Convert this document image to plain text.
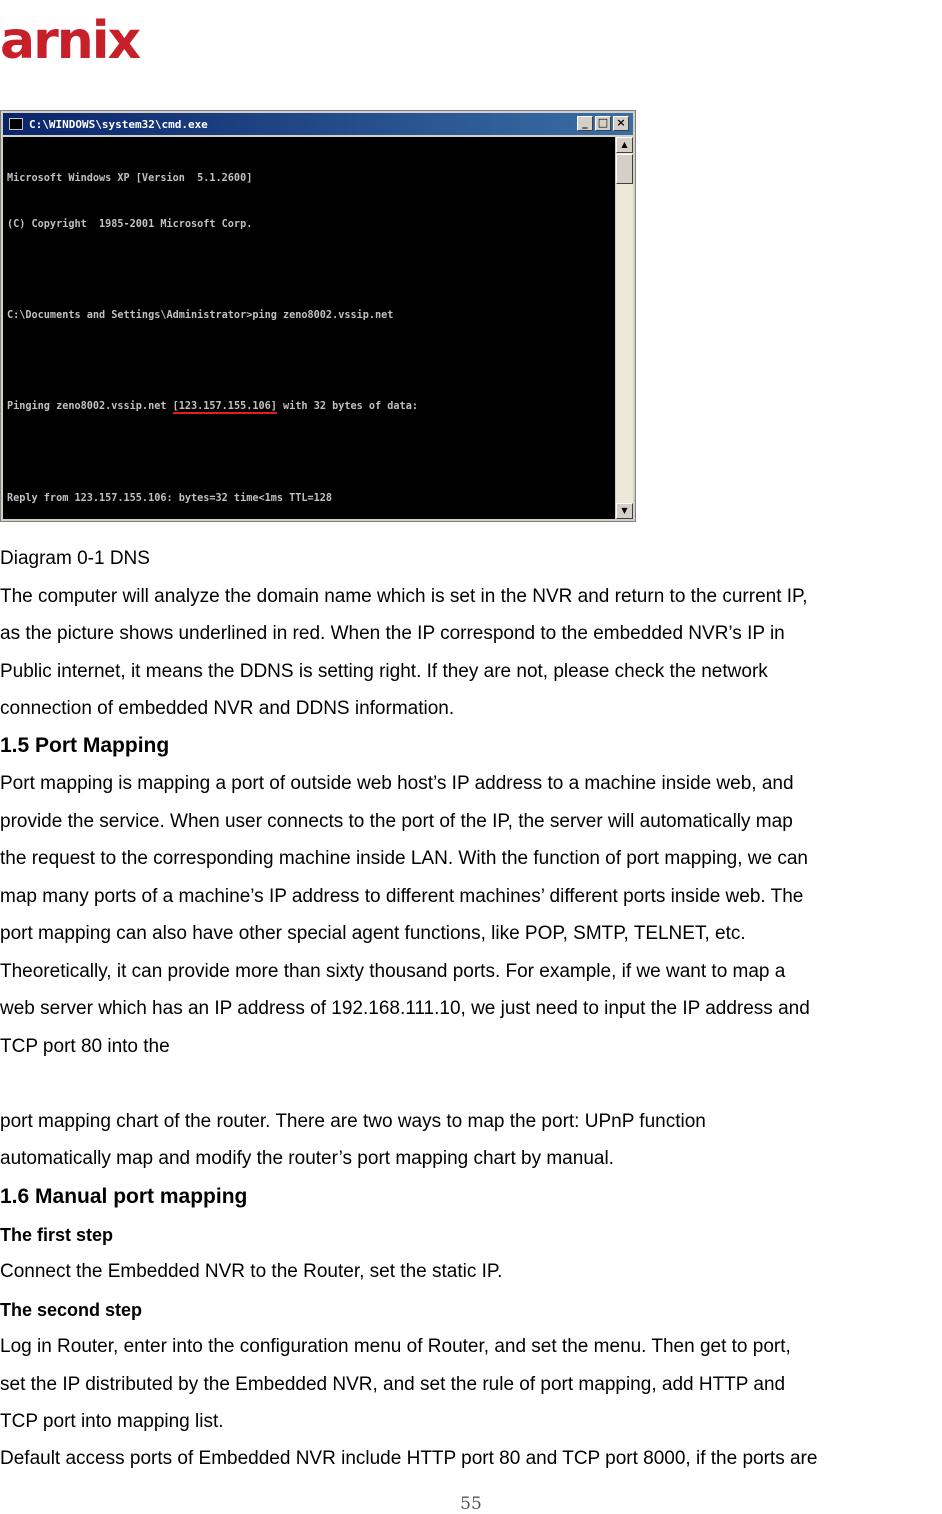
arnix
C:\WINDOWS\system32\cmd.exe	_ □ ×

Microsoft Windows XP [Version  5.1.2600]

(C) Copyright  1985-2001 Microsoft Corp.

C:\Documents and Settings\Administrator>ping zeno8002.vssip.net

Pinging zeno8002.vssip.net [123.157.155.106] with 32 bytes of data:

Reply from 123.157.155.106: bytes=32 time<1ms TTL=128

▲
▼
Diagram 0-1 DNS
The computer will analyze the domain name which is set in the NVR and return to the current IP,
as the picture shows underlined in red. When the IP correspond to the embedded NVR’s IP in
Public internet, it means the DDNS is setting right. If they are not, please check the network
connection of embedded NVR and DDNS information.
1.5 Port Mapping
Port mapping is mapping a port of outside web host’s IP address to a machine inside web, and
provide the service. When user connects to the port of the IP, the server will automatically map
the request to the corresponding machine inside LAN. With the function of port mapping, we can
map many ports of a machine’s IP address to different machines’ different ports inside web. The
port mapping can also have other special agent functions, like POP, SMTP, TELNET, etc.
Theoretically, it can provide more than sixty thousand ports. For example, if we want to map a
web server which has an IP address of 192.168.111.10, we just need to input the IP address and
TCP port 80 into the
port mapping chart of the router. There are two ways to map the port: UPnP function
automatically map and modify the router’s port mapping chart by manual.
1.6 Manual port mapping
The first step
Connect the Embedded NVR to the Router, set the static IP.
The second step
Log in Router, enter into the configuration menu of Router, and set the menu. Then get to port,
set the IP distributed by the Embedded NVR, and set the rule of port mapping, add HTTP and
TCP port into mapping list.
Default access ports of Embedded NVR include HTTP port 80 and TCP port 8000, if the ports are
55
